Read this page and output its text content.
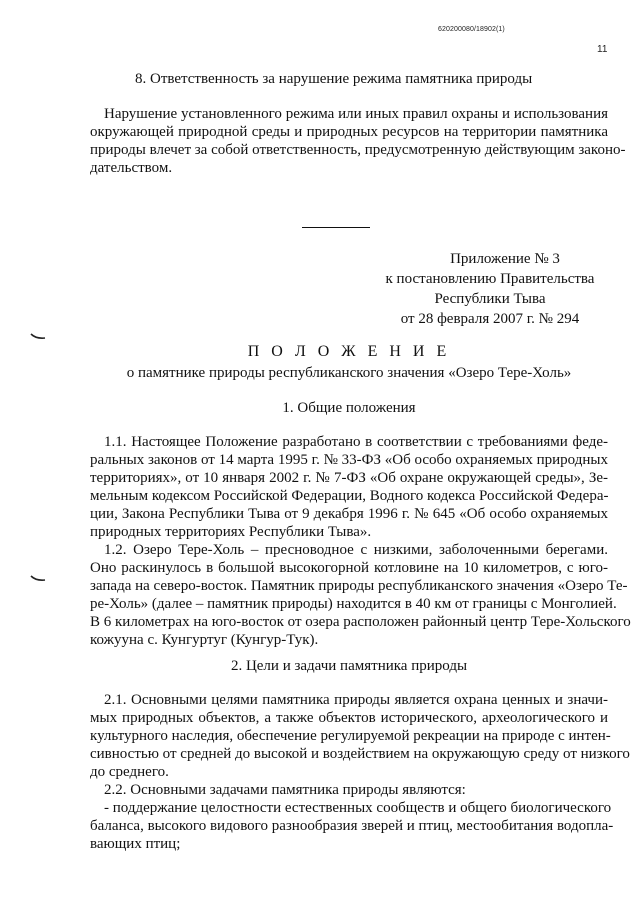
620200080/18902(1)
11
8. Ответственность за нарушение режима памятника природы
Нарушение установленного режима или иных правил охраны и использования
окружающей природной среды и природных ресурсов на территории памятника
природы влечет за собой ответственность, предусмотренную действующим законо-
дательством.
Приложение № 3
к постановлению Правительства
Республики Тыва
от 28 февраля 2007 г. № 294
П О Л О Ж Е Н И Е
о памятнике природы республиканского значения «Озеро Тере-Холь»
1. Общие положения
1.1. Настоящее Положение разработано в соответствии с требованиями феде-
ральных законов от 14 марта 1995 г. № 33-ФЗ «Об особо охраняемых природных
территориях», от 10 января 2002 г. № 7-ФЗ «Об охране окружающей среды», Зе-
мельным кодексом Российской Федерации, Водного кодекса Российской Федера-
ции, Закона Республики Тыва от 9 декабря 1996 г. № 645 «Об особо охраняемых
природных территориях Республики Тыва».
1.2. Озеро Тере-Холь – пресноводное с низкими, заболоченными берегами.
Оно раскинулось в большой высокогорной котловине на 10 километров, с юго-
запада на северо-восток. Памятник природы республиканского значения «Озеро Те-
ре-Холь» (далее – памятник природы) находится в 40 км от границы с Монголией.
В 6 километрах на юго-восток от озера расположен районный центр Тере-Хольского
кожууна с. Кунгуртуг (Кунгур-Тук).
2. Цели и задачи памятника природы
2.1. Основными целями памятника природы является охрана ценных и значи-
мых природных объектов, а также объектов исторического, археологического и
культурного наследия, обеспечение регулируемой рекреации на природе с интен-
сивностью от средней до высокой и воздействием на окружающую среду от низкого
до среднего.
2.2. Основными задачами памятника природы являются:
- поддержание целостности естественных сообществ и общего биологического
баланса, высокого видового разнообразия зверей и птиц, местообитания водопла-
вающих птиц;
